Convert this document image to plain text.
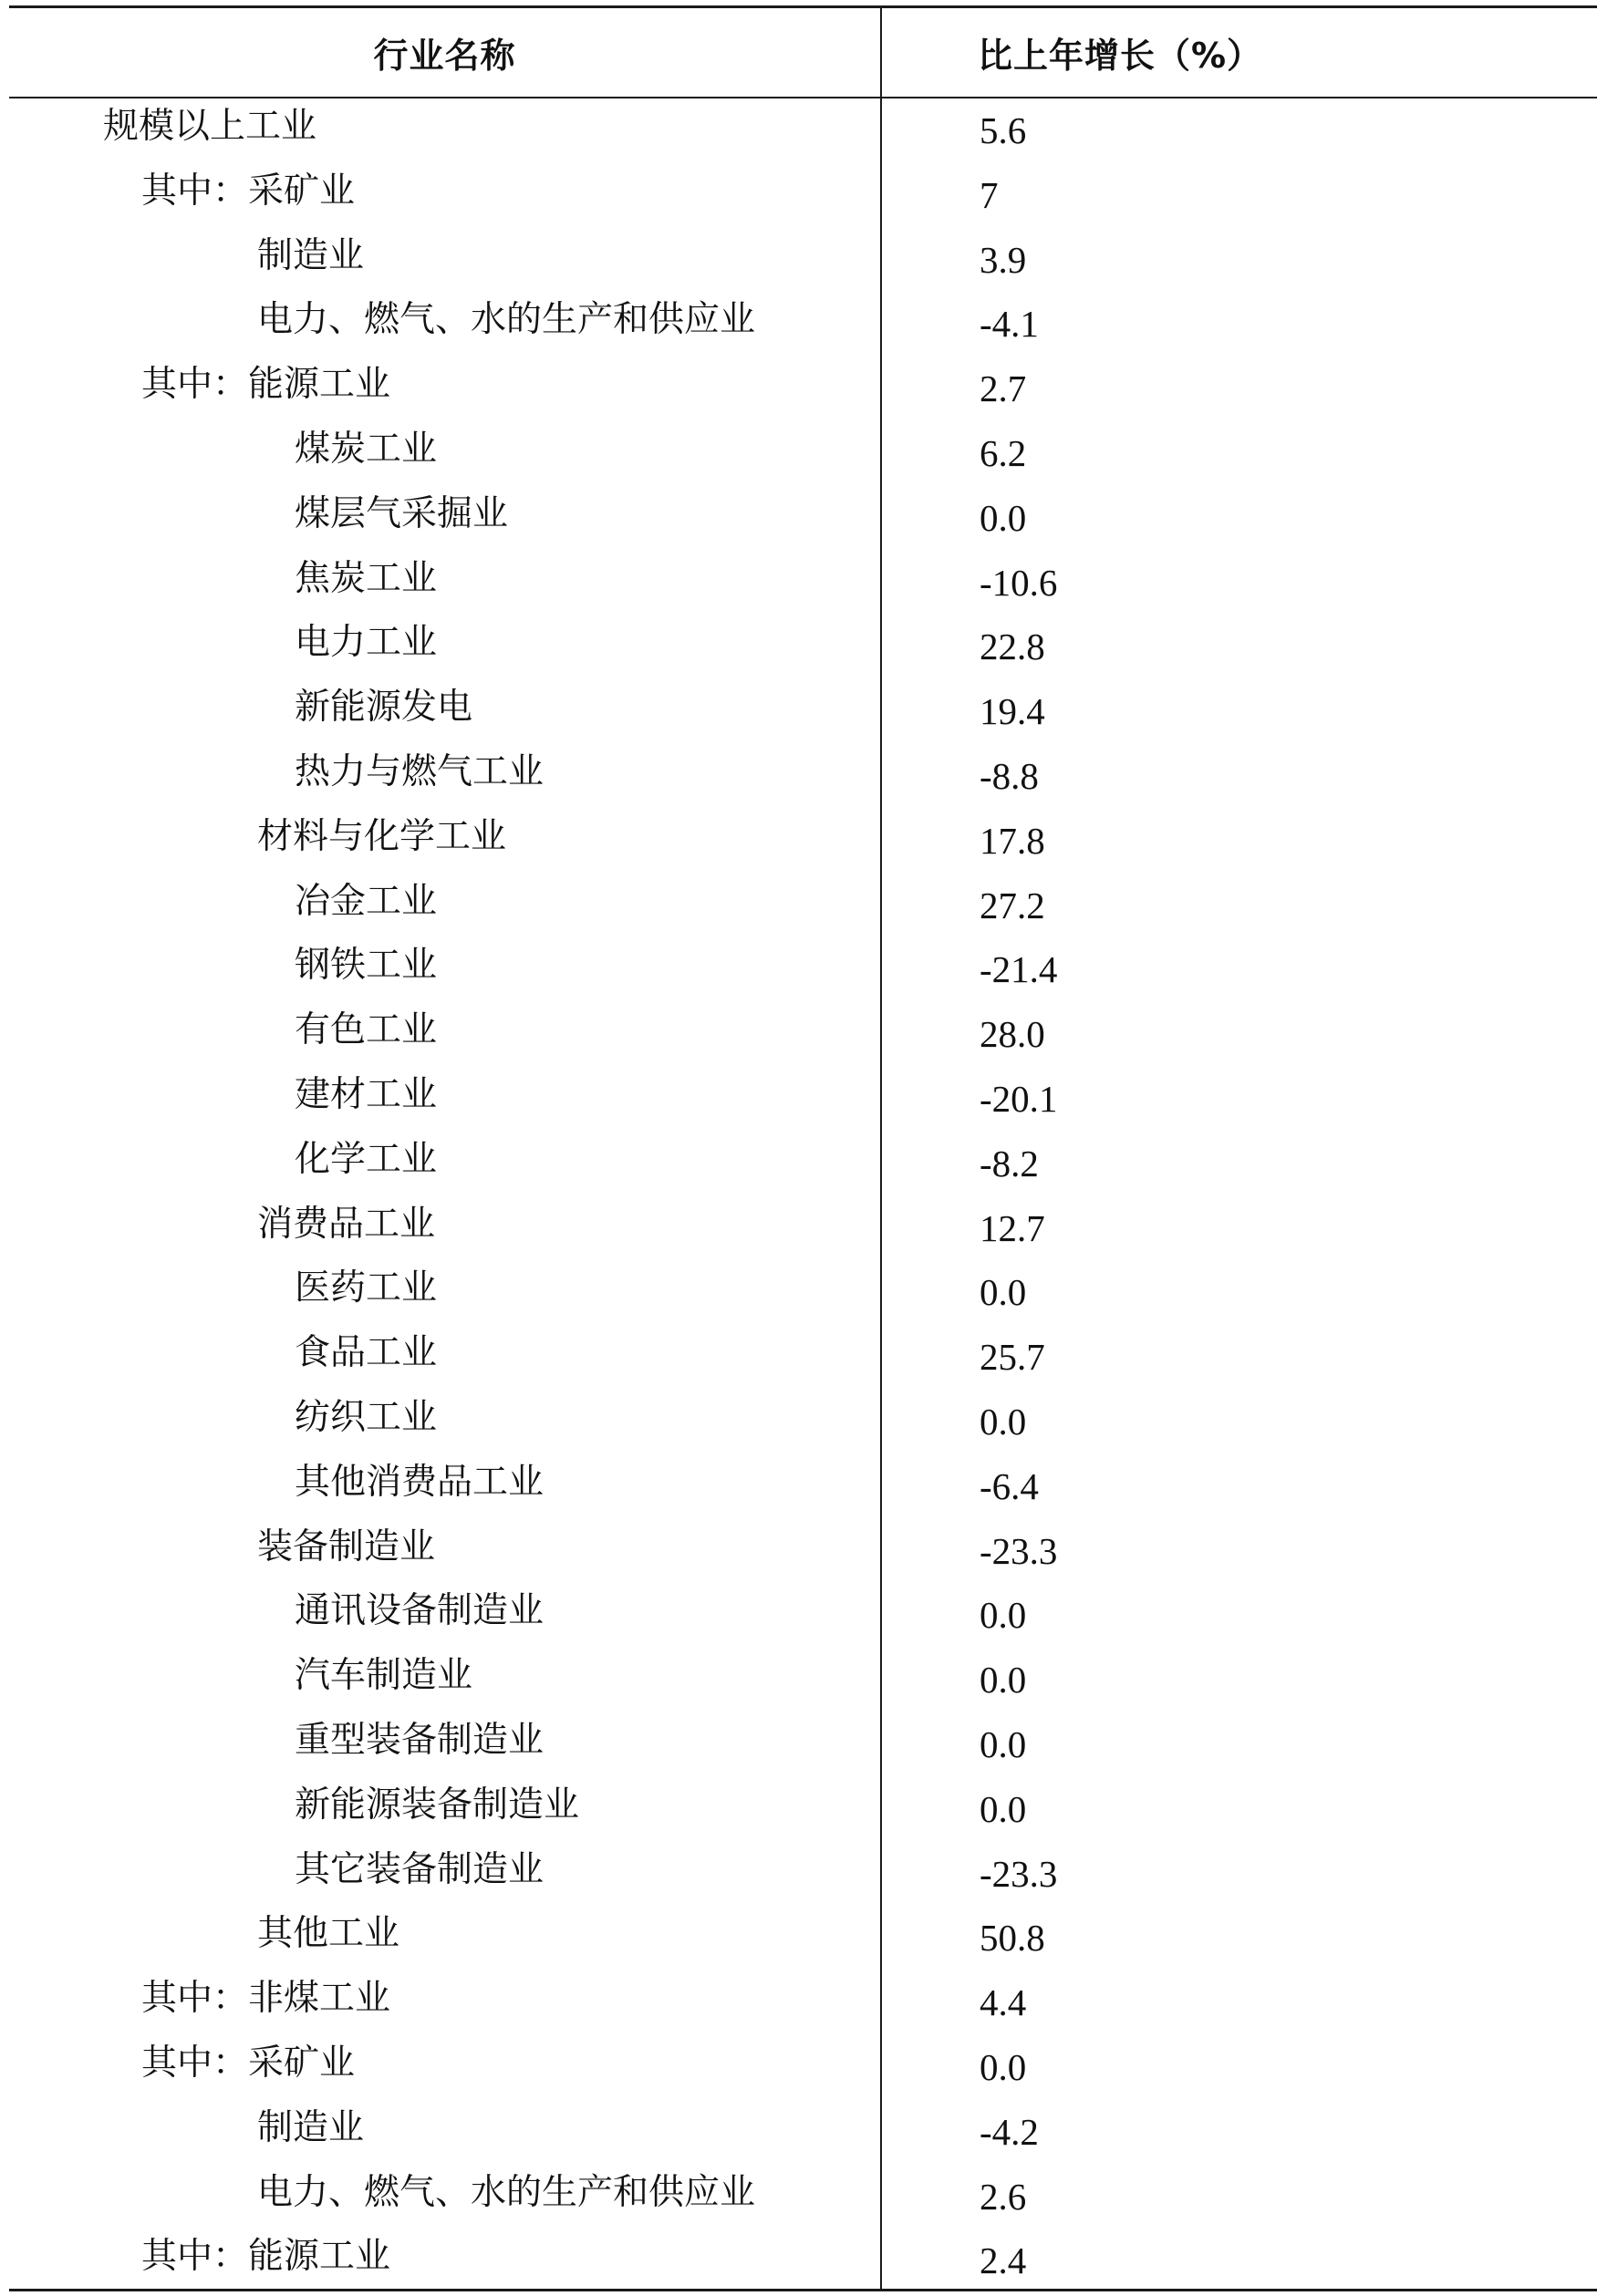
行业名称	比上年增长（%）
规模以上工业	5.6
其中：采矿业	7
制造业	3.9
电力、燃气、水的生产和供应业	-4.1
其中：能源工业	2.7
煤炭工业	6.2
煤层气采掘业	0.0
焦炭工业	-10.6
电力工业	22.8
新能源发电	19.4
热力与燃气工业	-8.8
材料与化学工业	17.8
冶金工业	27.2
钢铁工业	-21.4
有色工业	28.0
建材工业	-20.1
化学工业	-8.2
消费品工业	12.7
医药工业	0.0
食品工业	25.7
纺织工业	0.0
其他消费品工业	-6.4
装备制造业	-23.3
通讯设备制造业	0.0
汽车制造业	0.0
重型装备制造业	0.0
新能源装备制造业	0.0
其它装备制造业	-23.3
其他工业	50.8
其中：非煤工业	4.4
其中：采矿业	0.0
制造业	-4.2
电力、燃气、水的生产和供应业	2.6
其中：能源工业	2.4
